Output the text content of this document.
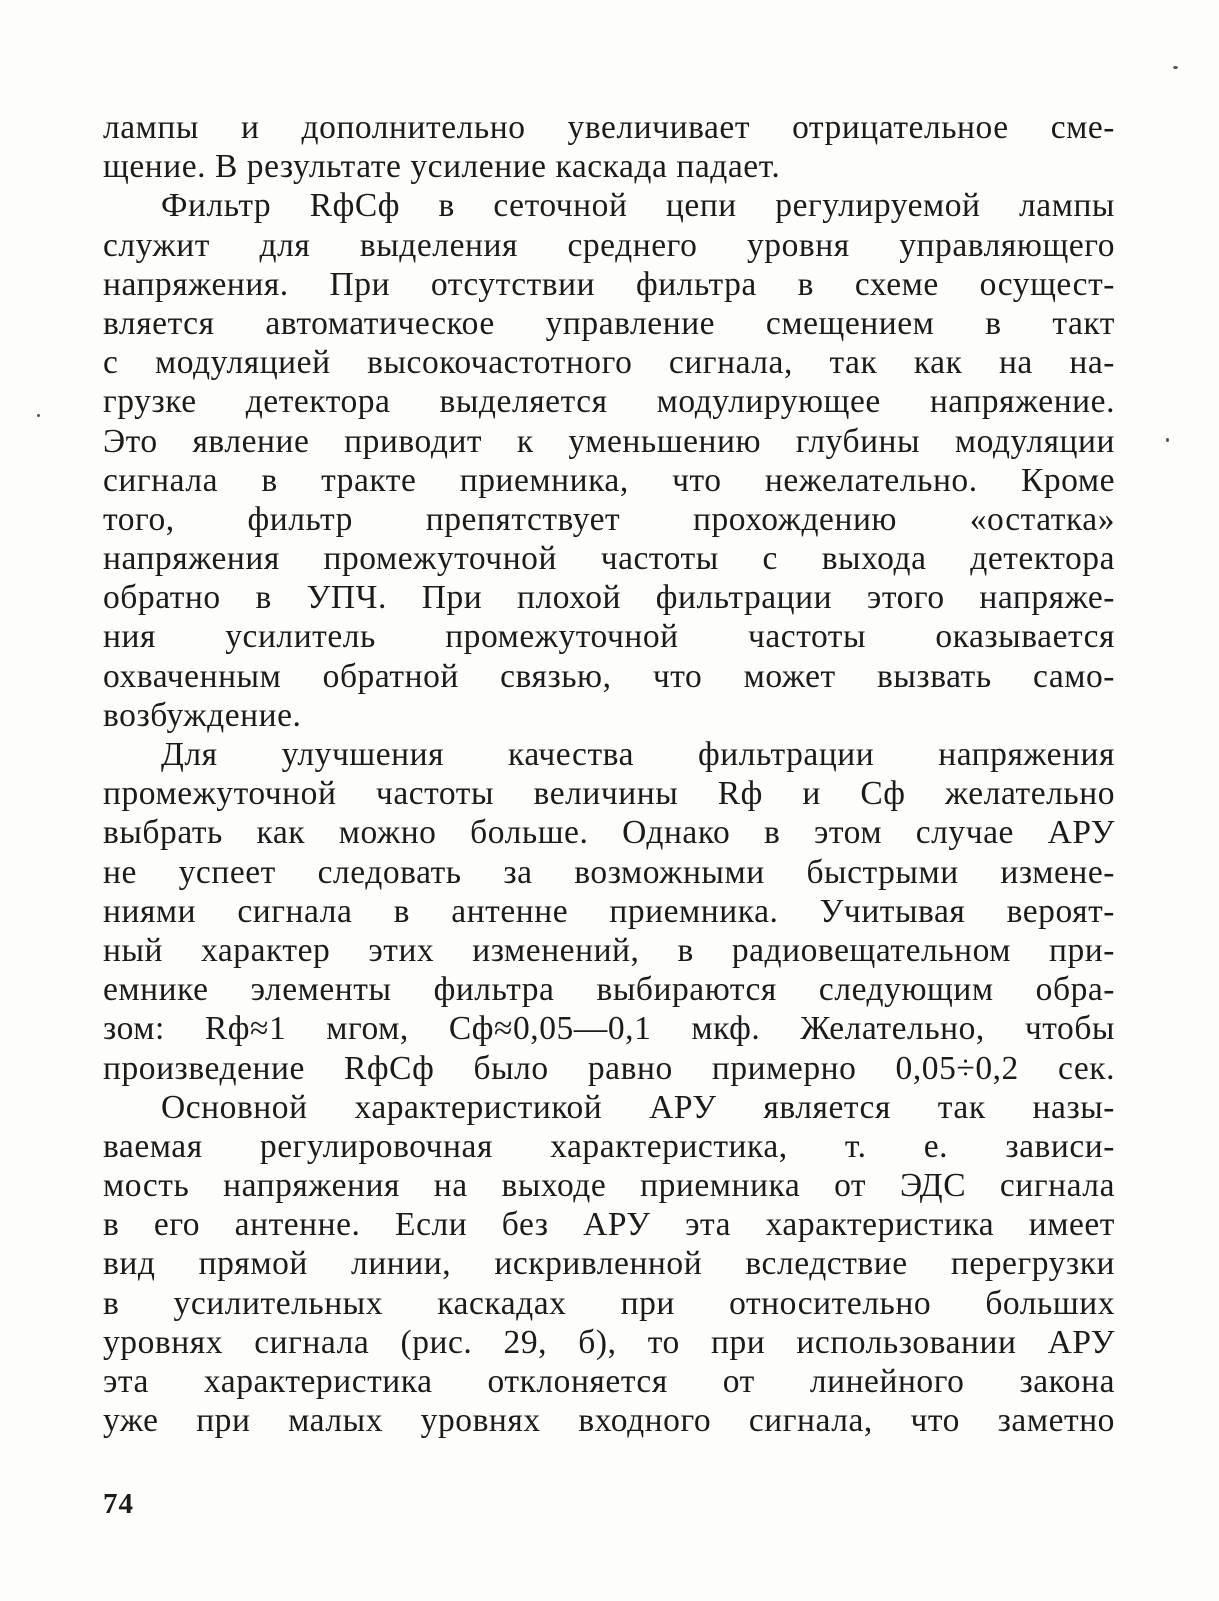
лампы и дополнительно увеличивает отрицательное сме-
щение. В результате усиление каскада падает.
Фильтр RфCф в сеточной цепи регулируемой лампы
служит для выделения среднего уровня управляющего
напряжения. При отсутствии фильтра в схеме осущест-
вляется автоматическое управление смещением в такт
с модуляцией высокочастотного сигнала, так как на на-
грузке детектора выделяется модулирующее напряжение.
Это явление приводит к уменьшению глубины модуляции
сигнала в тракте приемника, что нежелательно. Кроме
того, фильтр препятствует прохождению «остатка»
напряжения промежуточной частоты с выхода детектора
обратно в УПЧ. При плохой фильтрации этого напряже-
ния усилитель промежуточной частоты оказывается
охваченным обратной связью, что может вызвать само-
возбуждение.
Для улучшения качества фильтрации напряжения
промежуточной частоты величины Rф и Cф желательно
выбрать как можно больше. Однако в этом случае АРУ
не успеет следовать за возможными быстрыми измене-
ниями сигнала в антенне приемника. Учитывая вероят-
ный характер этих изменений, в радиовещательном при-
емнике элементы фильтра выбираются следующим обра-
зом: Rф≈1 мгом, Cф≈0,05—0,1 мкф. Желательно, чтобы
произведение RфCф было равно примерно 0,05÷0,2 сек.
Основной характеристикой АРУ является так назы-
ваемая регулировочная характеристика, т. е. зависи-
мость напряжения на выходе приемника от ЭДС сигнала
в его антенне. Если без АРУ эта характеристика имеет
вид прямой линии, искривленной вследствие перегрузки
в усилительных каскадах при относительно больших
уровнях сигнала (рис. 29, б), то при использовании АРУ
эта характеристика отклоняется от линейного закона
уже при малых уровнях входного сигнала, что заметно
74
